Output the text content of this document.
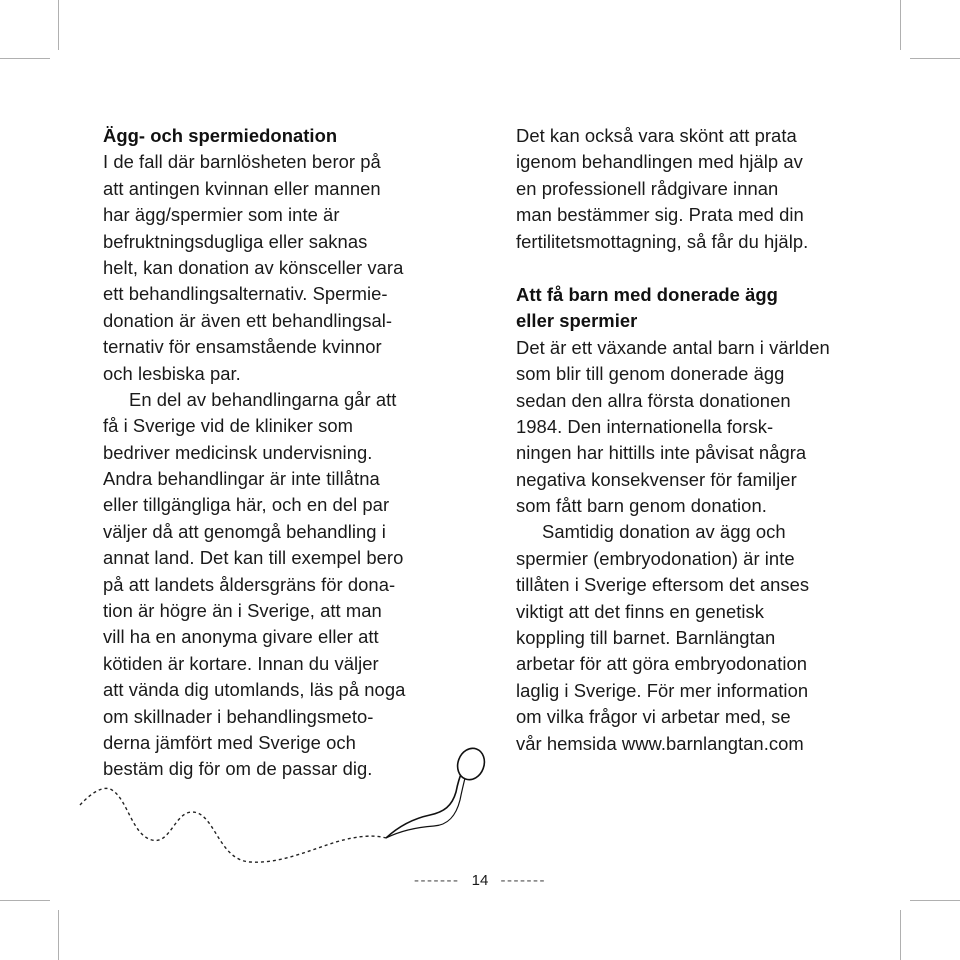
Ägg- och spermiedonation
I de fall där barnlösheten beror på
att antingen kvinnan eller mannen
har ägg/spermier som inte är
befruktningsdugliga eller saknas
helt, kan donation av könsceller vara
ett behandlingsalternativ. Spermie-
donation är även ett behandlingsal-
ternativ för ensamstående kvinnor
och lesbiska par.
En del av behandlingarna går att
få i Sverige vid de kliniker som
bedriver medicinsk undervisning.
Andra behandlingar är inte tillåtna
eller tillgängliga här, och en del par
väljer då att genomgå behandling i
annat land. Det kan till exempel bero
på att landets åldersgräns för dona-
tion är högre än i Sverige, att man
vill ha en anonyma givare eller att
kötiden är kortare. Innan du väljer
att vända dig utomlands, läs på noga
om skillnader i behandlingsmeto-
derna jämfört med Sverige och
bestäm dig för om de passar dig.
Det kan också vara skönt att prata
igenom behandlingen med hjälp av
en professionell rådgivare innan
man bestämmer sig. Prata med din
fertilitetsmottagning, så får du hjälp.
Att få barn med donerade ägg
eller spermier
Det är ett växande antal barn i världen
som blir till genom donerade ägg
sedan den allra första donationen
1984. Den internationella forsk-
ningen har hittills inte påvisat några
negativa konsekvenser för familjer
som fått barn genom donation.
Samtidig donation av ägg och
spermier (embryodonation) är inte
tillåten i Sverige eftersom det anses
viktigt att det finns en genetisk
koppling till barnet. Barnlängtan
arbetar för att göra embryodonation
laglig i Sverige. För mer information
om vilka frågor vi arbetar med, se
vår hemsida www.barnlangtan.com
------- 14 -------
